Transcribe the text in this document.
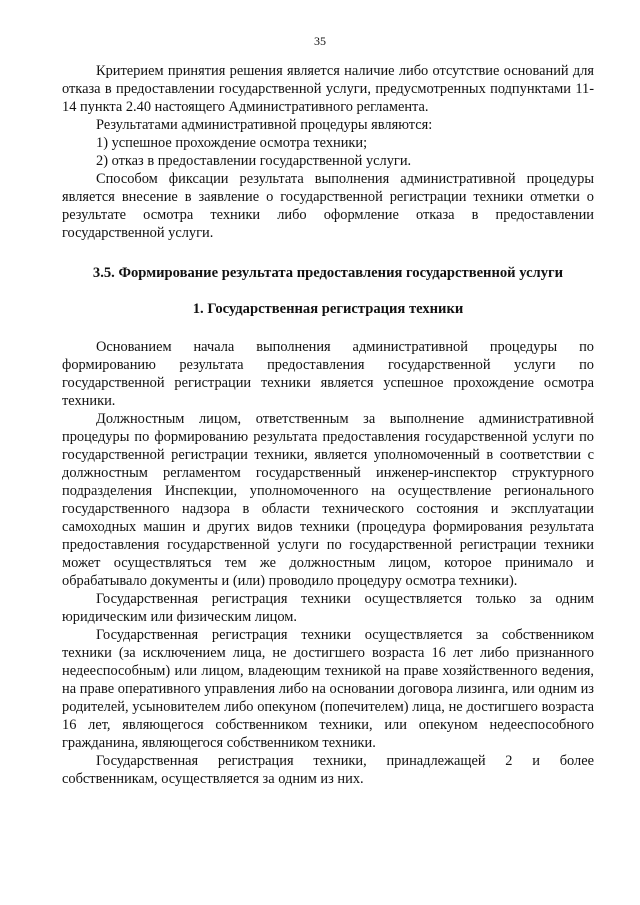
35

Критерием принятия решения является наличие либо отсутствие оснований для отказа в предоставлении государственной услуги, предусмотренных подпунктами 11-14 пункта 2.40 настоящего Административного регламента.

Результатами административной процедуры являются:

1) успешное прохождение осмотра техники;

2) отказ в предоставлении государственной услуги.

Способом фиксации результата выполнения административной процедуры является внесение в заявление о государственной регистрации техники отметки о результате осмотра техники либо оформление отказа в предоставлении государственной услуги.

3.5. Формирование результата предоставления государственной услуги
1. Государственная регистрация техники

Основанием начала выполнения административной процедуры по формированию результата предоставления государственной услуги по государственной регистрации техники является успешное прохождение осмотра техники.

Должностным лицом, ответственным за выполнение административной процедуры по формированию результата предоставления государственной услуги по государственной регистрации техники, является уполномоченный в соответствии с должностным регламентом государственный инженер-инспектор структурного подразделения Инспекции, уполномоченного на осуществление регионального государственного надзора в области технического состояния и эксплуатации самоходных машин и других видов техники (процедура формирования результата предоставления государственной услуги по государственной регистрации техники может осуществляться тем же должностным лицом, которое принимало и обрабатывало документы и (или) проводило процедуру осмотра техники).

Государственная регистрация техники осуществляется только за одним юридическим или физическим лицом.

Государственная регистрация техники осуществляется за собственником техники (за исключением лица, не достигшего возраста 16 лет либо признанного недееспособным) или лицом, владеющим техникой на праве хозяйственного ведения, на праве оперативного управления либо на основании договора лизинга, или одним из родителей, усыновителем либо опекуном (попечителем) лица, не достигшего возраста 16 лет, являющегося собственником техники, или опекуном недееспособного гражданина, являющегося собственником техники.

Государственная регистрация техники, принадлежащей 2 и более собственникам, осуществляется за одним из них.
